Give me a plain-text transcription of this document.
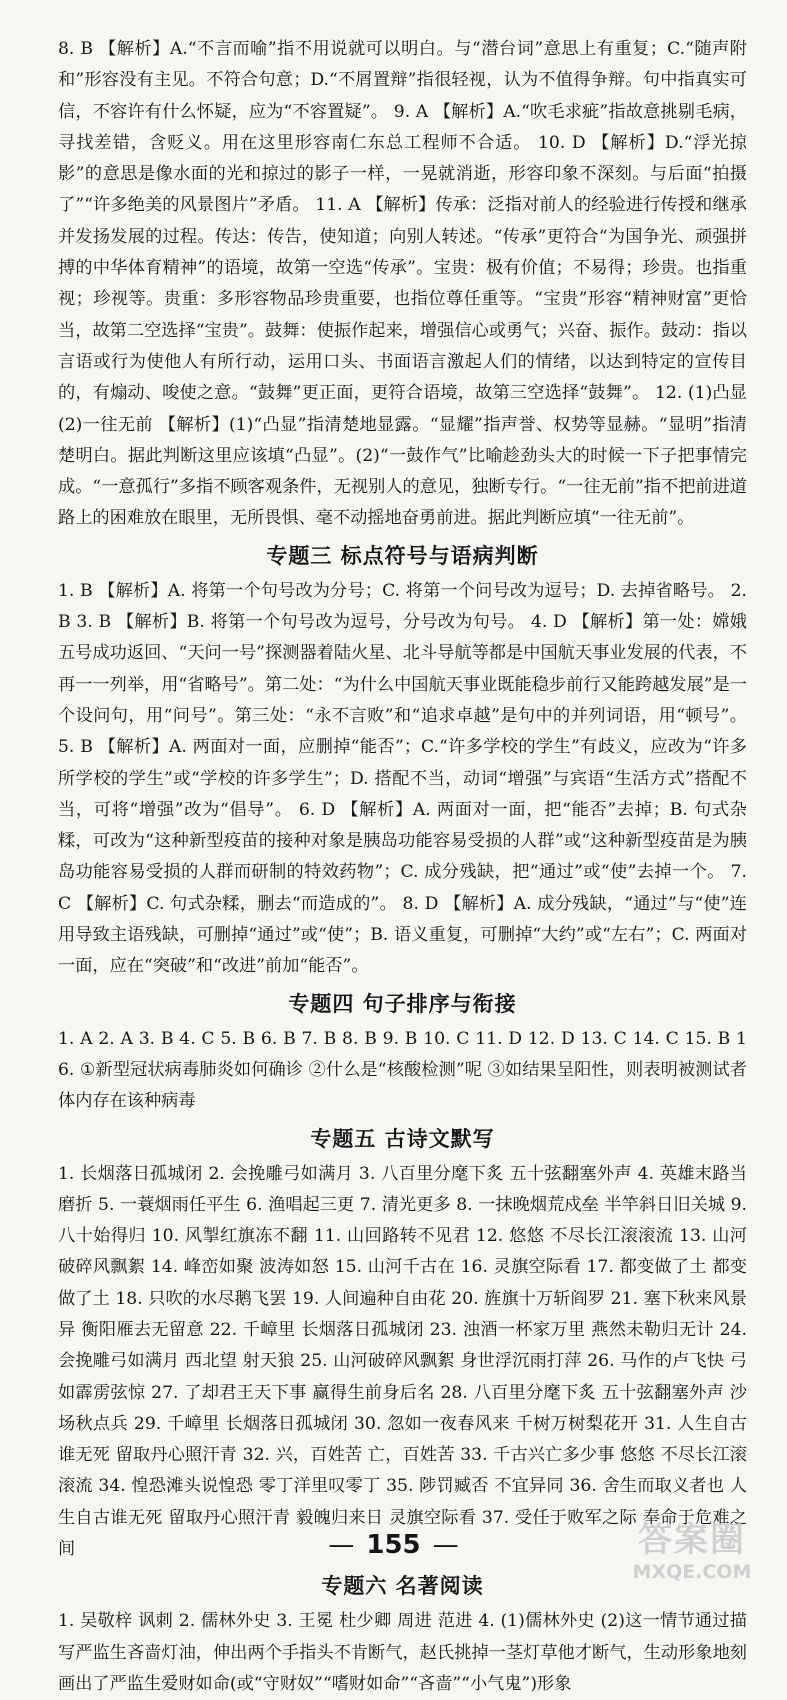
8. B 【解析】A.“不言而喻”指不用说就可以明白。与“潜台词”意思上有重复；C.“随声附和”形容没有主见。不符合句意；D.“不屑置辩”指很轻视，认为不值得争辩。句中指真实可信，不容许有什么怀疑，应为“不容置疑”。 9. A 【解析】A.“吹毛求疵”指故意挑剔毛病，寻找差错，含贬义。用在这里形容南仁东总工程师不合适。 10. D 【解析】D.“浮光掠影”的意思是像水面的光和掠过的影子一样，一晃就消逝，形容印象不深刻。与后面“拍摄了”“许多绝美的风景图片”矛盾。 11. A 【解析】传承：泛指对前人的经验进行传授和继承并发扬发展的过程。传达：传告，使知道；向别人转述。“传承”更符合“为国争光、顽强拼搏的中华体育精神”的语境，故第一空选“传承”。宝贵：极有价值；不易得；珍贵。也指重视；珍视等。贵重：多形容物品珍贵重要，也指位尊任重等。“宝贵”形容“精神财富”更恰当，故第二空选择“宝贵”。鼓舞：使振作起来，增强信心或勇气；兴奋、振作。鼓动：指以言语或行为使他人有所行动，运用口头、书面语言激起人们的情绪，以达到特定的宣传目的，有煽动、唆使之意。“鼓舞”更正面，更符合语境，故第三空选择“鼓舞”。 12. (1)凸显 (2)一往无前 【解析】(1)“凸显”指清楚地显露。“显耀”指声誉、权势等显赫。“显明”指清楚明白。据此判断这里应该填“凸显”。(2)“一鼓作气”比喻趁劲头大的时候一下子把事情完成。“一意孤行”多指不顾客观条件，无视别人的意见，独断专行。“一往无前”指不把前进道路上的困难放在眼里，无所畏惧、毫不动摇地奋勇前进。据此判断应填“一往无前”。

专题三 标点符号与语病判断

1. B 【解析】A. 将第一个句号改为分号；C. 将第一个问号改为逗号；D. 去掉省略号。 2. B 3. B 【解析】B. 将第一个句号改为逗号，分号改为句号。 4. D 【解析】第一处：嫦娥五号成功返回、“天问一号”探测器着陆火星、北斗导航等都是中国航天事业发展的代表，不再一一列举，用“省略号”。第二处：“为什么中国航天事业既能稳步前行又能跨越发展”是一个设问句，用“问号”。第三处：“永不言败”和“追求卓越”是句中的并列词语，用“顿号”。 5. B 【解析】A. 两面对一面，应删掉“能否”；C.“许多学校的学生”有歧义，应改为“许多所学校的学生”或“学校的许多学生”；D. 搭配不当，动词“增强”与宾语“生活方式”搭配不当，可将“增强”改为“倡导”。 6. D 【解析】A. 两面对一面，把“能否”去掉；B. 句式杂糅，可改为“这种新型疫苗的接种对象是胰岛功能容易受损的人群”或“这种新型疫苗是为胰岛功能容易受损的人群而研制的特效药物”；C. 成分残缺，把“通过”或“使”去掉一个。 7. C 【解析】C. 句式杂糅，删去“而造成的”。 8. D 【解析】A. 成分残缺，“通过”与“使”连用导致主语残缺，可删掉“通过”或“使”；B. 语义重复，可删掉“大约”或“左右”；C. 两面对一面，应在“突破”和“改进”前加“能否”。

专题四 句子排序与衔接

1. A 2. A 3. B 4. C 5. B 6. B 7. B 8. B 9. B 10. C 11. D 12. D 13. C 14. C 15. B 16. ①新型冠状病毒肺炎如何确诊 ②什么是“核酸检测”呢 ③如结果呈阳性，则表明被测试者体内存在该种病毒

专题五 古诗文默写

1. 长烟落日孤城闭 2. 会挽雕弓如满月 3. 八百里分麾下炙 五十弦翻塞外声 4. 英雄末路当磨折 5. 一蓑烟雨任平生 6. 渔唱起三更 7. 清光更多 8. 一抹晚烟荒戍垒 半竿斜日旧关城 9. 八十始得归 10. 风掣红旗冻不翻 11. 山回路转不见君 12. 悠悠 不尽长江滚滚流 13. 山河破碎风飘絮 14. 峰峦如聚 波涛如怒 15. 山河千古在 16. 灵旗空际看 17. 都变做了土 都变做了土 18. 只吹的水尽鹅飞罢 19. 人间遍种自由花 20. 旌旗十万斩阎罗 21. 塞下秋来风景异 衡阳雁去无留意 22. 千嶂里 长烟落日孤城闭 23. 浊酒一杯家万里 燕然未勒归无计 24. 会挽雕弓如满月 西北望 射天狼 25. 山河破碎风飘絮 身世浮沉雨打萍 26. 马作的卢飞快 弓如霹雳弦惊 27. 了却君王天下事 赢得生前身后名 28. 八百里分麾下炙 五十弦翻塞外声 沙场秋点兵 29. 千嶂里 长烟落日孤城闭 30. 忽如一夜春风来 千树万树梨花开 31. 人生自古谁无死 留取丹心照汗青 32. 兴，百姓苦 亡，百姓苦 33. 千古兴亡多少事 悠悠 不尽长江滚滚流 34. 惶恐滩头说惶恐 零丁洋里叹零丁 35. 陟罚臧否 不宜异同 36. 舍生而取义者也 人生自古谁无死 留取丹心照汗青 毅魄归来日 灵旗空际看 37. 受任于败军之际 奉命于危难之间

专题六 名著阅读

1. 吴敬梓 讽刺 2. 儒林外史 3. 王冕 杜少卿 周进 范进 4. (1)儒林外史 (2)这一情节通过描写严监生吝啬灯油，伸出两个手指头不肯断气，赵氏挑掉一茎灯草他才断气，生动形象地刻画出了严监生爱财如命(或“守财奴”“嗜财如命”“吝啬”“小气鬼”)形象

— 155 —	答案圈
MXQE.COM
